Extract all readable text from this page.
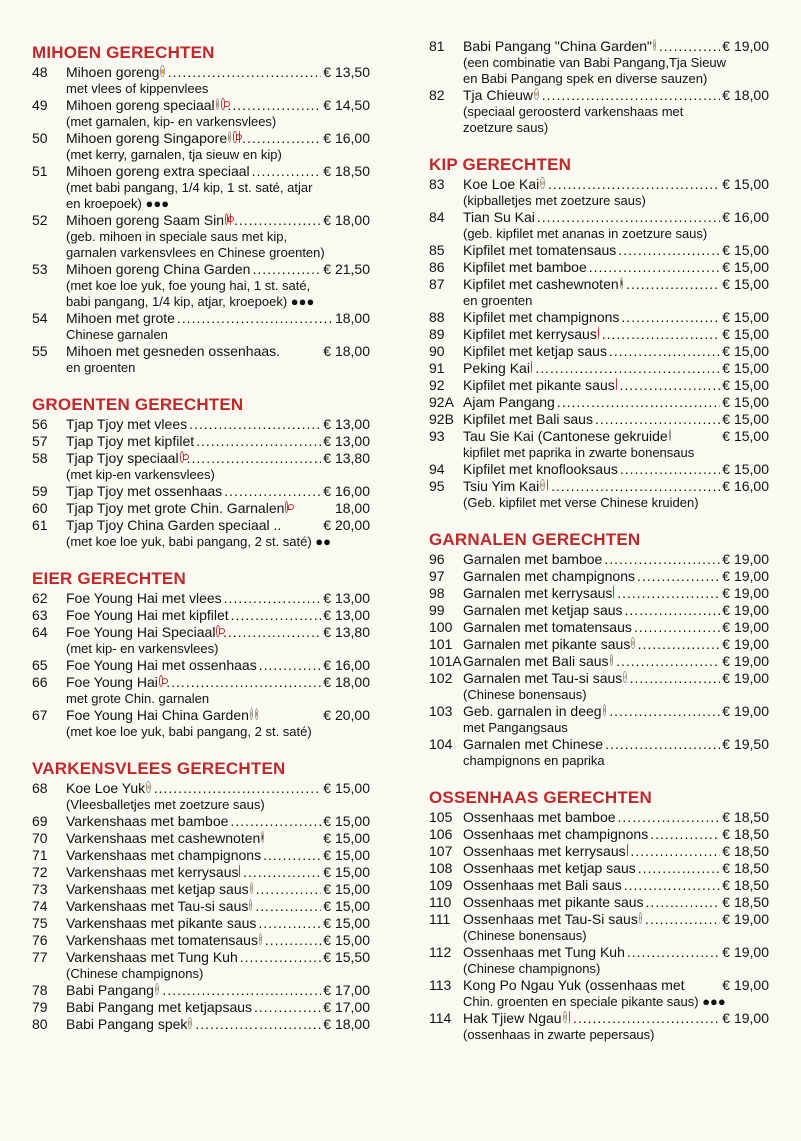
MIHOEN GERECHTEN
48	Mihoen goreng .....	€ 13,50
met vlees of kippenvlees
49	Mihoen goreng speciaal .....	€ 14,50
(met garnalen, kip- en varkensvlees)
50	Mihoen goreng Singapore .....	€ 16,00
(met kerry, garnalen, tja sieuw en kip)
51	Mihoen goreng extra speciaal .....	€ 18,50
(met babi pangang, 1/4 kip, 1 st. saté, atjar
en kroepoek) ●●●
52	Mihoen goreng Saam Sin .....	€ 18,00
(geb. mihoen in speciale saus met kip,
garnalen varkensvlees en Chinese groenten)
53	Mihoen goreng China Garden .....	€ 21,50
(met koe loe yuk, foe young hai, 1 st. saté,
babi pangang, 1/4 kip, atjar, kroepoek) ●●●
54	Mihoen met grote .....	18,00
Chinese garnalen
55	Mihoen met gesneden ossenhaas.	€ 18,00
en groenten
GROENTEN GERECHTEN
56	Tjap Tjoy met vlees .....	€ 13,00
57	Tjap Tjoy met kipfilet .....	€ 13,00
58	Tjap Tjoy speciaal .....	€ 13,80
(met kip-en varkensvlees)
59	Tjap Tjoy met ossenhaas .....	€ 16,00
60	Tjap Tjoy met grote Chin. Garnalen	18,00
61	Tjap Tjoy China Garden speciaal ..	€ 20,00
(met koe loe yuk, babi pangang, 2 st. saté) ●●
EIER GERECHTEN
62	Foe Young Hai met vlees .....	€ 13,00
63	Foe Young Hai met kipfilet .....	€ 13,00
64	Foe Young Hai Speciaal .....	€ 13,80
(met kip- en varkensvlees)
65	Foe Young Hai met ossenhaas .....	€ 16,00
66	Foe Young Hai .....	€ 18,00
met grote Chin. garnalen
67	Foe Young Hai China Garden	€ 20,00
(met koe loe yuk, babi pangang, 2 st. saté)
VARKENSVLEES GERECHTEN
68	Koe Loe Yuk .....	€ 15,00
(Vleesballetjes met zoetzure saus)
69	Varkenshaas met bamboe .....	€ 15,00
70	Varkenshaas met cashewnoten	€ 15,00
71	Varkenshaas met champignons .....	€ 15,00
72	Varkenshaas met kerrysaus .....	€ 15,00
73	Varkenshaas met ketjap saus .....	€ 15,00
74	Varkenshaas met Tau-si saus .....	€ 15,00
75	Varkenshaas met pikante saus .....	€ 15,00
76	Varkenshaas met tomatensaus .....	€ 15,00
77	Varkenshaas met Tung Kuh .....	€ 15,50
(Chinese champignons)
78	Babi Pangang .....	€ 17,00
79	Babi Pangang met ketjapsaus .....	€ 17,00
80	Babi Pangang spek .....	€ 18,00
81	Babi Pangang "China Garden" .....	€ 19,00
(een combinatie van Babi Pangang,Tja Sieuw
en Babi Pangang spek en diverse sauzen)
82	Tja Chieuw .....	€ 18,00
(speciaal geroosterd varkenshaas met
zoetzure saus)
KIP GERECHTEN
83	Koe Loe Kai .....	€ 15,00
(kipballetjes met zoetzure saus)
84	Tian Su Kai .....	€ 16,00
(geb. kipfilet met ananas in zoetzure saus)
85	Kipfilet met tomatensaus .....	€ 15,00
86	Kipfilet met bamboe .....	€ 15,00
87	Kipfilet met cashewnoten .....	€ 15,00
en groenten
88	Kipfilet met champignons .....	€ 15,00
89	Kipfilet met kerrysaus .....	€ 15,00
90	Kipfilet met ketjap saus .....	€ 15,00
91	Peking Kai .....	€ 15,00
92	Kipfilet met pikante saus .....	€ 15,00
92A Ajam Pangang .....	€ 15,00
92B Kipfilet met Bali saus .....	€ 15,00
93	Tau Sie Kai (Cantonese gekruide	€ 15,00
kipfilet met paprika in zwarte bonensaus
94	Kipfilet met knoflooksaus .....	€ 15,00
95	Tsiu Yim Kai .....	€ 16,00
(Geb. kipfilet met verse Chinese kruiden)
GARNALEN GERECHTEN
96	Garnalen met bamboe .....	€ 19,00
97	Garnalen met champignons .....	€ 19,00
98	Garnalen met kerrysaus .....	€ 19,00
99	Garnalen met ketjap saus .....	€ 19,00
100 Garnalen met tomatensaus .....	€ 19,00
101 Garnalen met pikante saus .....	€ 19,00
101A Garnalen met Bali saus .....	€ 19,00
102 Garnalen met Tau-si saus .....	€ 19,00
(Chinese bonensaus)
103 Geb. garnalen in deeg .....	€ 19,00
met Pangangsaus
104 Garnalen met Chinese .....	€ 19,50
champignons en paprika
OSSENHAAS GERECHTEN
105 Ossenhaas met bamboe .....	€ 18,50
106 Ossenhaas met champignons .....	€ 18,50
107 Ossenhaas met kerrysaus .....	€ 18,50
108 Ossenhaas met ketjap saus .....	€ 18,50
109 Ossenhaas met Bali saus .....	€ 18,50
110 Ossenhaas met pikante saus .....	€ 18,50
111 Ossenhaas met Tau-Si saus .....	€ 19,00
(Chinese bonensaus)
112 Ossenhaas met Tung Kuh .....	€ 19,00
(Chinese champignons)
113 Kong Po Ngau Yuk (ossenhaas met	€ 19,00
Chin. groenten en speciale pikante saus) ●●●
114 Hak Tjiew Ngau .....	€ 19,00
(ossenhaas in zwarte pepersaus)
